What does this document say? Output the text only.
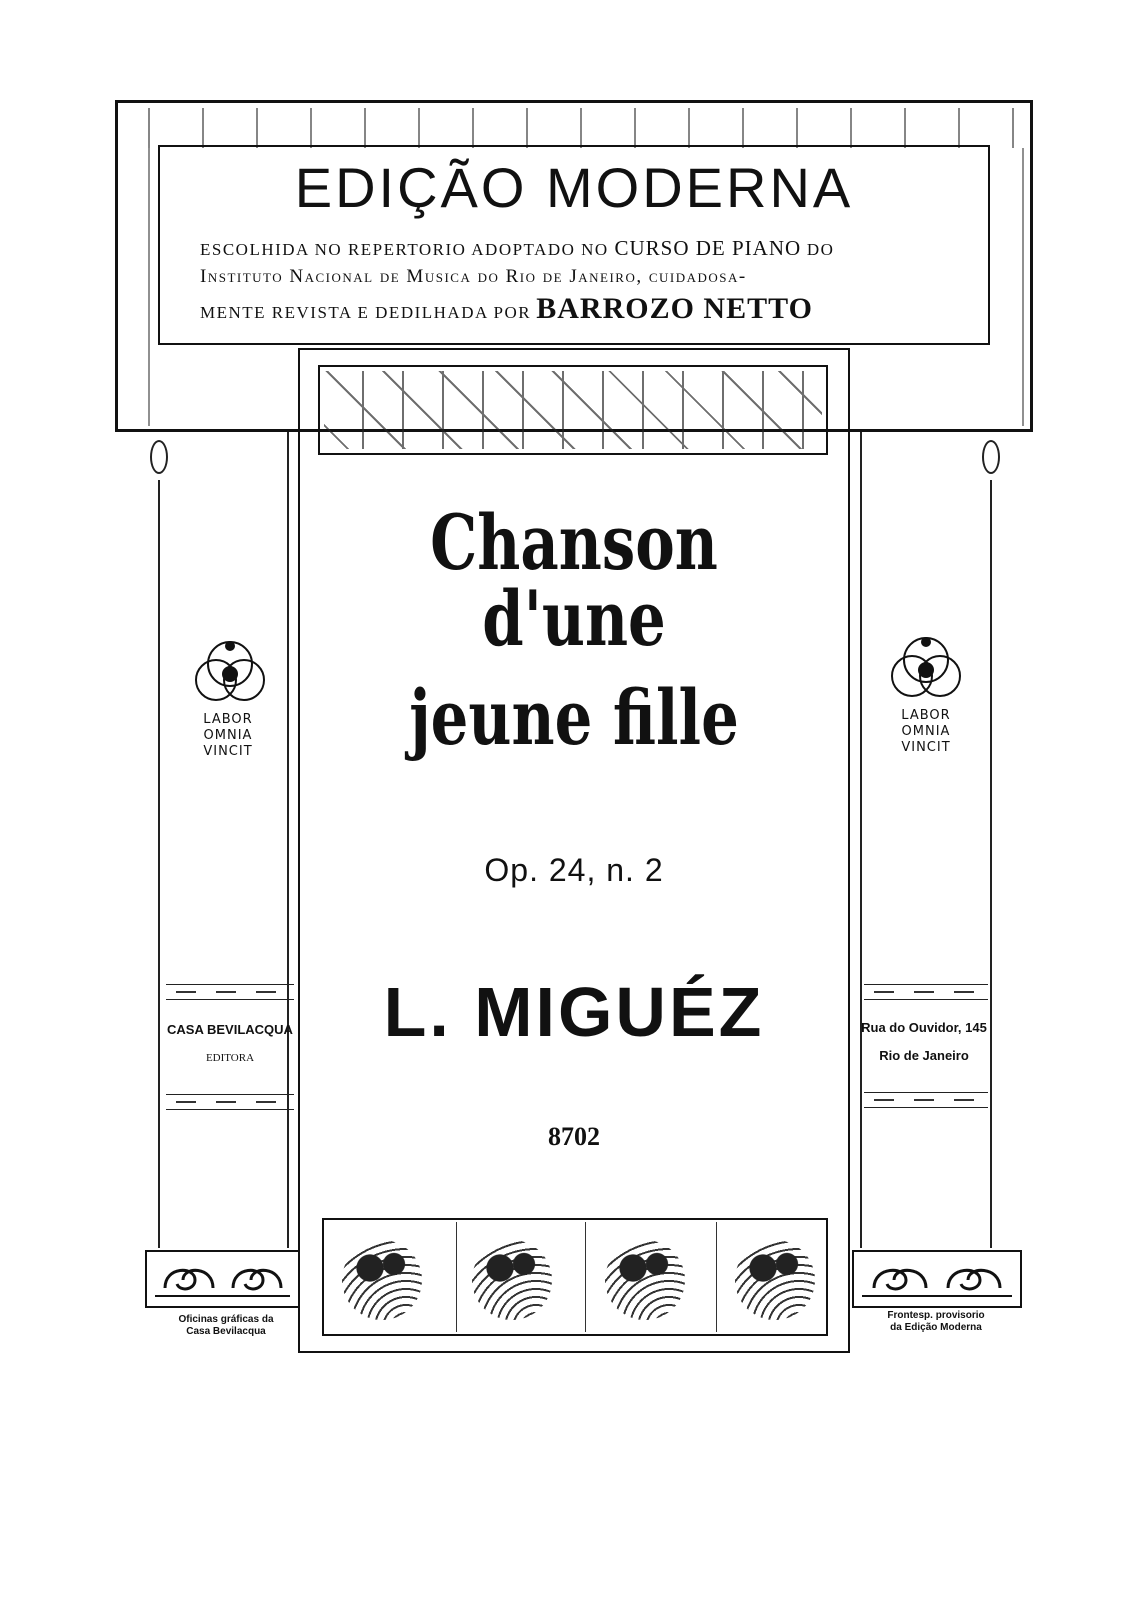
EDIÇÃO MODERNA
ESCOLHIDA NO REPERTORIO ADOPTADO NO CURSO DE PIANO DO
Instituto Nacional de Musica do Rio de Janeiro, cuidadosa-
MENTE REVISTA E DEDILHADA POR BARROZO NETTO
Chanson d'une
jeune fille
Op. 24, n. 2
L. MIGUÉZ
8702
LABOR
OMNIA
VINCIT
CASA BEVILACQUA
EDITORA
Oficinas gráficas da
Casa Bevilacqua
LABOR
OMNIA
VINCIT
Rua do Ouvidor, 145
Rio de Janeiro
Frontesp. provisorio
da Edição Moderna
